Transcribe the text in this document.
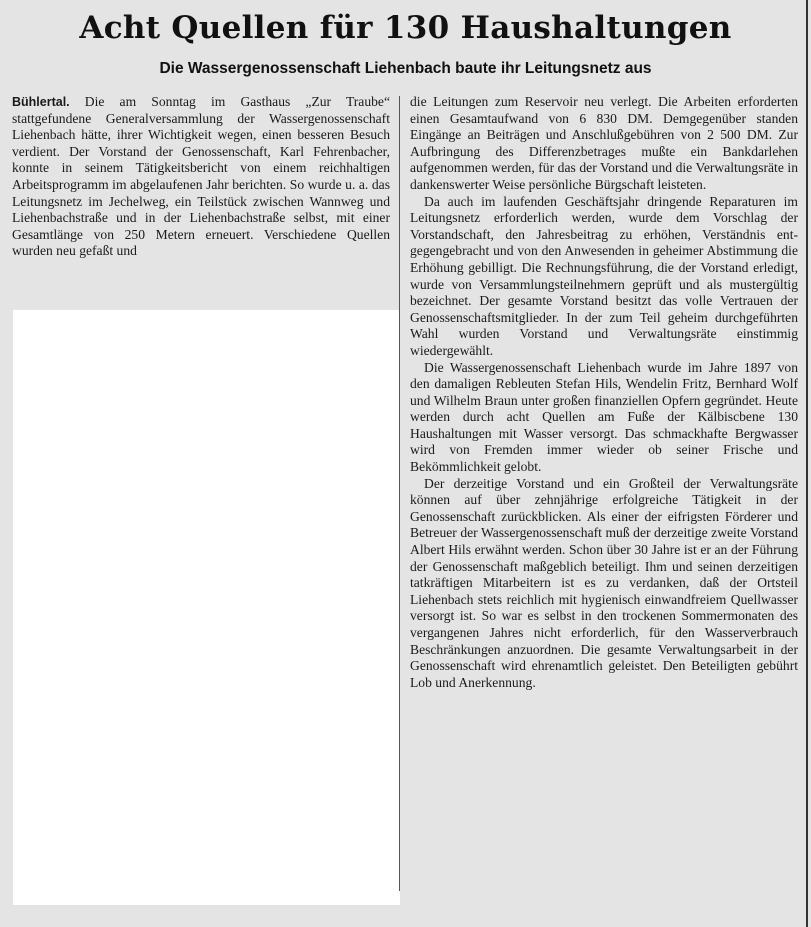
Acht Quellen für 130 Haushaltungen
Die Wassergenossenschaft Liehenbach baute ihr Leitungsnetz aus

Bühlertal. Die am Sonntag im Gasthaus „Zur Traube“ stattgefundene Generalversammlung der Wassergenossenschaft Liehenbach hätte, ihrer Wichtigkeit wegen, einen besseren Besuch verdient. Der Vorstand der Genossenschaft, Karl Fehrenbacher, konnte in seinem Tätigkeitsbericht von einem reichhaltigen Arbeitsprogramm im abgelaufenen Jahr berichten. So wurde u. a. das Leitungsnetz im Jechelweg, ein Teilstück zwischen Wannweg und Liehenbachstraße und in der Liehenbachstraße selbst, mit einer Gesamtlänge von 250 Metern erneuert. Verschiedene Quellen wurden neu gefaßt und

die Leitungen zum Reservoir neu verlegt. Die Arbeiten erforderten einen Gesamtaufwand von 6 830 DM. Demgegenüber standen Eingänge an Beiträgen und Anschlußgebühren von 2 500 DM. Zur Aufbringung des Differenzbetrages mußte ein Bankdarlehen aufgenommen werden, für das der Vorstand und die Verwaltungsräte in dankenswerter Weise persönliche Bürgschaft leisteten.

Da auch im laufenden Geschäftsjahr dringende Reparaturen im Leitungsnetz erforderlich werden, wurde dem Vorschlag der Vorstandschaft, den Jahresbeitrag zu erhöhen, Verständnis entgegengebracht und von den Anwesenden in geheimer Abstimmung die Erhöhung gebilligt. Die Rechnungsführung, die der Vorstand erledigt, wurde von Versammlungsteilnehmern geprüft und als mustergültig bezeichnet. Der gesamte Vorstand besitzt das volle Vertrauen der Genossenschaftsmitglieder. In der zum Teil geheim durchgeführten Wahl wurden Vorstand und Verwaltungsräte einstimmig wiedergewählt.

Die Wassergenossenschaft Liehenbach wurde im Jahre 1897 von den damaligen Rebleuten Stefan Hils, Wendelin Fritz, Bernhard Wolf und Wilhelm Braun unter großen finanziellen Opfern gegründet. Heute werden durch acht Quellen am Fuße der Kälbiscbene 130 Haushaltungen mit Wasser versorgt. Das schmackhafte Bergwasser wird von Fremden immer wieder ob seiner Frische und Bekömmlichkeit gelobt.

Der derzeitige Vorstand und ein Großteil der Verwaltungsräte können auf über zehnjährige erfolgreiche Tätigkeit in der Genossenschaft zurückblicken. Als einer der eifrigsten Förderer und Betreuer der Wassergenossenschaft muß der derzeitige zweite Vorstand Albert Hils erwähnt werden. Schon über 30 Jahre ist er an der Führung der Genossenschaft maßgeblich beteiligt. Ihm und seinen derzeitigen tatkräftigen Mitarbeitern ist es zu verdanken, daß der Ortsteil Liehenbach stets reichlich mit hygienisch einwandfreiem Quellwasser versorgt ist. So war es selbst in den trockenen Sommermonaten des vergangenen Jahres nicht erforderlich, für den Wasserverbrauch Beschränkungen anzuordnen. Die gesamte Verwaltungsarbeit in der Genossenschaft wird ehrenamtlich geleistet. Den Beteiligten gebührt Lob und Anerkennung.
